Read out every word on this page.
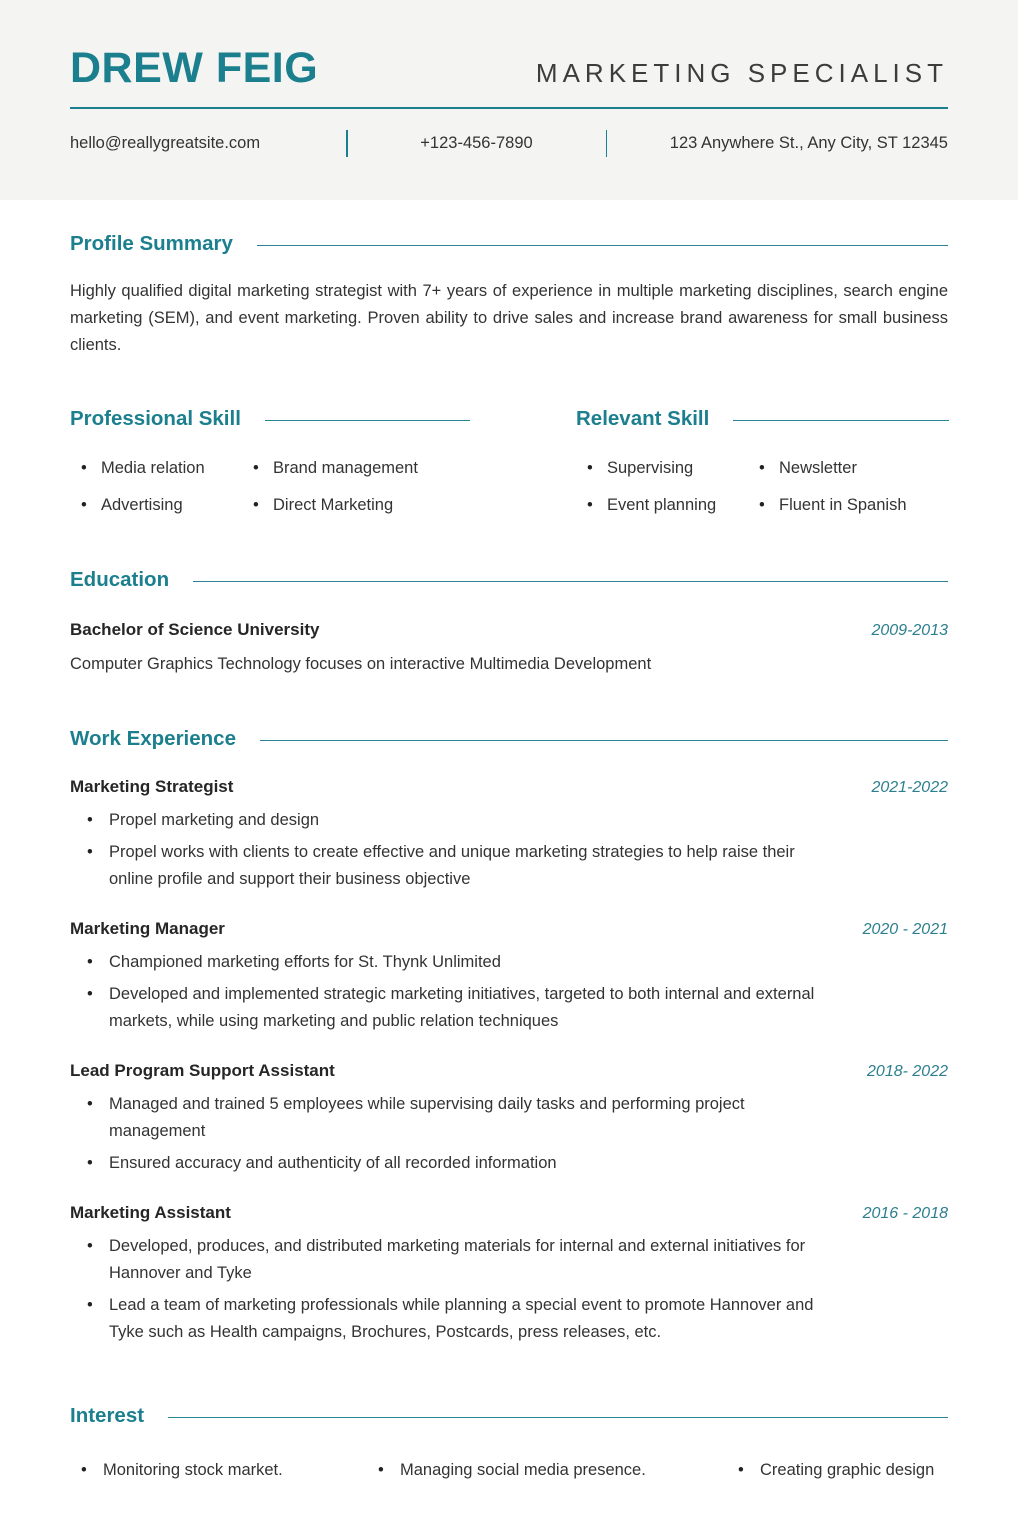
DREW FEIG	MARKETING SPECIALIST
hello@reallygreatsite.com	+123-456-7890	123 Anywhere St., Any City, ST 12345
Profile Summary

Highly qualified digital marketing strategist with 7+ years of experience in multiple marketing disciplines, search engine marketing (SEM), and event marketing. Proven ability to drive sales and increase brand awareness for small business clients.

Professional Skill
• Media relation	• Brand management
• Advertising	• Direct Marketing
Relevant Skill
• Supervising	• Newsletter
• Event planning	• Fluent in Spanish
Education
Bachelor of Science University	2009-2013

Computer Graphics Technology focuses on interactive Multimedia Development

Work Experience
Marketing Strategist	2021-2022
• Propel marketing and design
• Propel works with clients to create effective and unique marketing strategies to help raise their online profile and support their business objective
Marketing Manager	2020 - 2021
• Championed marketing efforts for St. Thynk Unlimited
• Developed and implemented strategic marketing initiatives, targeted to both internal and external markets, while using marketing and public relation techniques
Lead Program Support Assistant	2018- 2022
• Managed and trained 5 employees while supervising daily tasks and performing project management
• Ensured accuracy and authenticity of all recorded information
Marketing Assistant	2016 - 2018
• Developed, produces, and distributed marketing materials for internal and external initiatives for Hannover and Tyke
• Lead a team of marketing professionals while planning a special event to promote Hannover and Tyke such as Health campaigns, Brochures, Postcards, press releases, etc.
Interest
• Monitoring stock market.	• Managing social media presence.	• Creating graphic design
